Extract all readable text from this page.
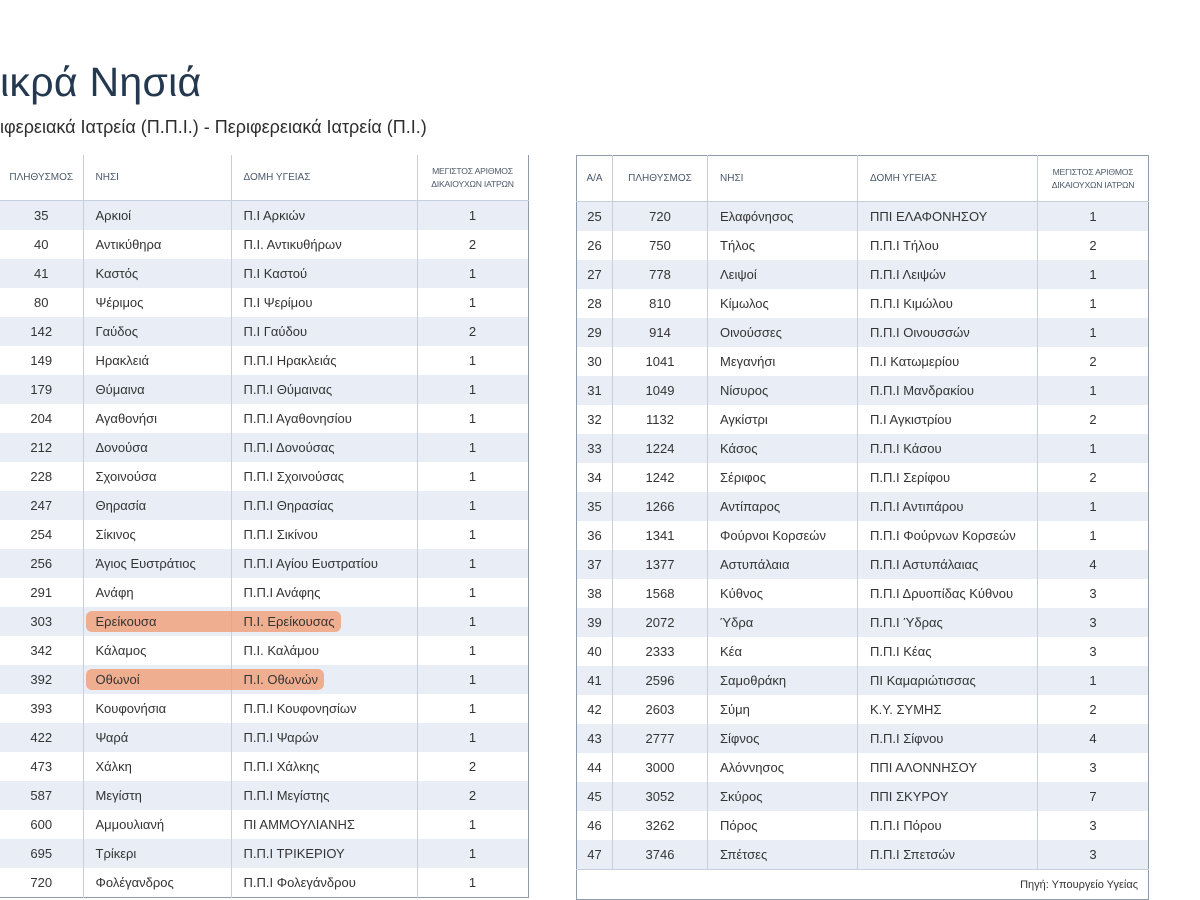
ικρά Νησιά
ιφερειακά Ιατρεία (Π.Π.Ι.) - Περιφερειακά Ιατρεία (Π.Ι.)
ΠΛΗΘΥΣΜΟΣ	ΝΗΣΙ	ΔΟΜΗ ΥΓΕΙΑΣ	ΜΕΓΙΣΤΟΣ ΑΡΙΘΜΟΣ
ΔΙΚΑΙΟΥΧΩΝ ΙΑΤΡΩΝ

35	Αρκιοί	Π.Ι Αρκιών	1
40	Αντικύθηρα	Π.Ι. Αντικυθήρων	2
41	Καστός	Π.Ι Καστού	1
80	Ψέριμος	Π.Ι Ψερίμου	1
142	Γαύδος	Π.Ι Γαύδου	2
149	Ηρακλειά	Π.Π.Ι Ηρακλειάς	1
179	Θύμαινα	Π.Π.Ι Θύμαινας	1
204	Αγαθονήσι	Π.Π.Ι Αγαθονησίου	1
212	Δονούσα	Π.Π.Ι Δονούσας	1
228	Σχοινούσα	Π.Π.Ι Σχοινούσας	1
247	Θηρασία	Π.Π.Ι Θηρασίας	1
254	Σίκινος	Π.Π.Ι Σικίνου	1
256	Άγιος Ευστράτιος	Π.Π.Ι Αγίου Ευστρατίου	1
291	Ανάφη	Π.Π.Ι Ανάφης	1
303	Ερείκουσα	Π.Ι. Ερείκουσας	1
342	Κάλαμος	Π.Ι. Καλάμου	1
392	Οθωνοί	Π.Ι. Οθωνών	1
393	Κουφονήσια	Π.Π.Ι Κουφονησίων	1
422	Ψαρά	Π.Π.Ι Ψαρών	1
473	Χάλκη	Π.Π.Ι Χάλκης	2
587	Μεγίστη	Π.Π.Ι Μεγίστης	2
600	Αμμουλιανή	ΠΙ ΑΜΜΟΥΛΙΑΝΗΣ	1
695	Τρίκερι	Π.Π.Ι ΤΡΙΚΕΡΙΟΥ	1
720	Φολέγανδρος	Π.Π.Ι Φολεγάνδρου	1
Α/Α	ΠΛΗΘΥΣΜΟΣ	ΝΗΣΙ	ΔΟΜΗ ΥΓΕΙΑΣ	ΜΕΓΙΣΤΟΣ ΑΡΙΘΜΟΣ
ΔΙΚΑΙΟΥΧΩΝ ΙΑΤΡΩΝ

25	720	Ελαφόνησος	ΠΠΙ ΕΛΑΦΟΝΗΣΟΥ	1
26	750	Τήλος	Π.Π.Ι Τήλου	2
27	778	Λειψοί	Π.Π.Ι Λειψών	1
28	810	Κίμωλος	Π.Π.Ι Κιμώλου	1
29	914	Οινούσσες	Π.Π.Ι Οινουσσών	1
30	1041	Μεγανήσι	Π.Ι Κατωμερίου	2
31	1049	Νίσυρος	Π.Π.Ι Μανδρακίου	1
32	1132	Αγκίστρι	Π.Ι Αγκιστρίου	2
33	1224	Κάσος	Π.Π.Ι Κάσου	1
34	1242	Σέριφος	Π.Π.Ι Σερίφου	2
35	1266	Αντίπαρος	Π.Π.Ι Αντιπάρου	1
36	1341	Φούρνοι Κορσεών	Π.Π.Ι Φούρνων Κορσεών	1
37	1377	Αστυπάλαια	Π.Π.Ι Αστυπάλαιας	4
38	1568	Κύθνος	Π.Π.Ι Δρυοπίδας Κύθνου	3
39	2072	Ύδρα	Π.Π.Ι Ύδρας	3
40	2333	Κέα	Π.Π.Ι Κέας	3
41	2596	Σαμοθράκη	ΠΙ Καμαριώτισσας	1
42	2603	Σύμη	Κ.Υ. ΣΥΜΗΣ	2
43	2777	Σίφνος	Π.Π.Ι Σίφνου	4
44	3000	Αλόννησος	ΠΠΙ ΑΛΟΝΝΗΣΟΥ	3
45	3052	Σκύρος	ΠΠΙ ΣΚΥΡΟΥ	7
46	3262	Πόρος	Π.Π.Ι Πόρου	3
47	3746	Σπέτσες	Π.Π.Ι Σπετσών	3
Πηγή: Υπουργείο Υγείας				
